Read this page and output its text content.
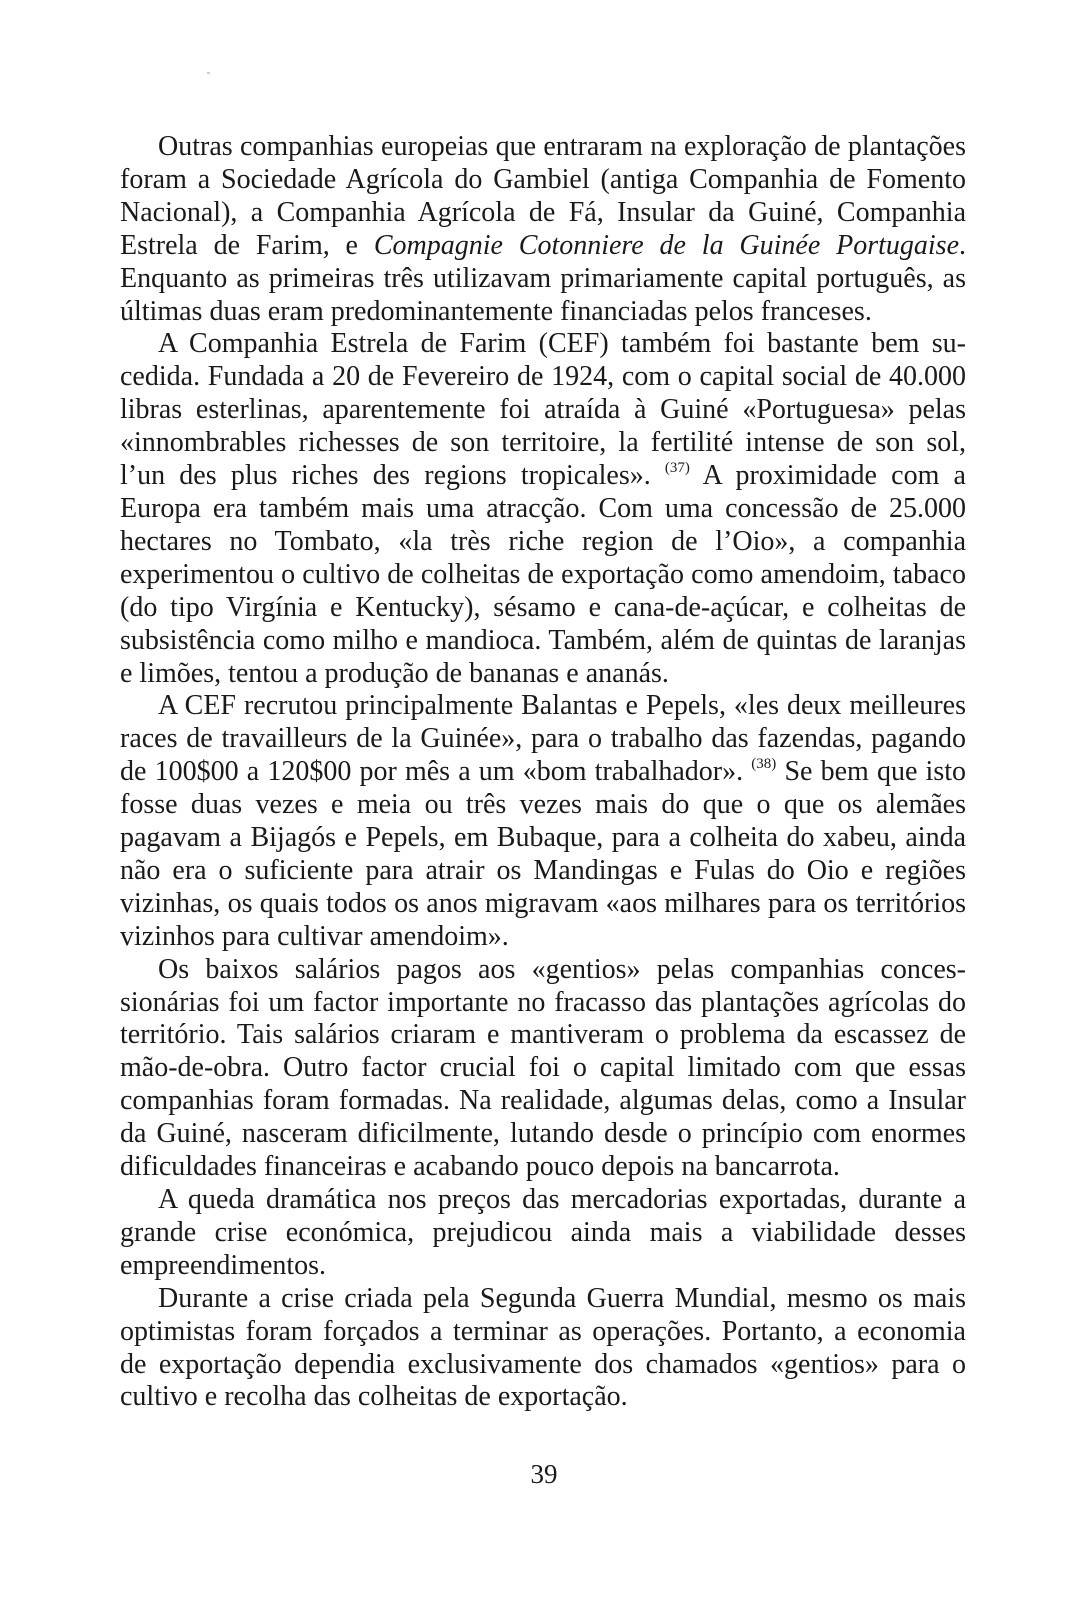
Outras companhias europeias que entraram na exploração de plantações foram a Sociedade Agrícola do Gambiel (antiga Companhia de Fomento Nacional), a Companhia Agrícola de Fá, Insular da Guiné, Companhia Estrela de Farim, e Compagnie Cotonniere de la Guinée Portugaise. Enquanto as primeiras três utilizavam primariamente capital português, as últimas duas eram predominantemente financiadas pelos franceses.

A Companhia Estrela de Farim (CEF) também foi bastante bem sucedida. Fundada a 20 de Fevereiro de 1924, com o capital social de 40.000 libras esterlinas, aparentemente foi atraída à Guiné «Portuguesa» pelas «innombrables richesses de son territoire, la fertilité intense de son sol, l’un des plus riches des regions tropicales». $^{(37)}$ A proximidade com a Europa era também mais uma atracção. Com uma concessão de 25.000 hectares no Tombato, «la très riche region de l’Oio», a companhia experimentou o cultivo de colheitas de exportação como amendoim, tabaco (do tipo Virgínia e Kentucky), sésamo e cana-de-açúcar, e colheitas de subsistência como milho e mandioca. Também, além de quintas de laranjas e limões, tentou a produção de bananas e ananás.

A CEF recrutou principalmente Balantas e Pepels, «les deux meilleures races de travailleurs de la Guinée», para o trabalho das fazendas, pagando de 100$00 a 120$00 por mês a um «bom trabalhador». $^{(38)}$ Se bem que isto fosse duas vezes e meia ou três vezes mais do que o que os alemães pagavam a Bijagós e Pepels, em Bubaque, para a colheita do xabeu, ainda não era o suficiente para atrair os Mandingas e Fulas do Oio e regiões vizinhas, os quais todos os anos migravam «aos milhares para os territórios vizinhos para cultivar amendoim».

Os baixos salários pagos aos «gentios» pelas companhias concessionárias foi um factor importante no fracasso das plantações agrícolas do território. Tais salários criaram e mantiveram o problema da escassez de mão-de-obra. Outro factor crucial foi o capital limitado com que essas companhias foram formadas. Na realidade, algumas delas, como a Insular da Guiné, nasceram dificilmente, lutando desde o princípio com enormes dificuldades financeiras e acabando pouco depois na bancarrota.

A queda dramática nos preços das mercadorias exportadas, durante a grande crise económica, prejudicou ainda mais a viabilidade desses empreendimentos.

Durante a crise criada pela Segunda Guerra Mundial, mesmo os mais optimistas foram forçados a terminar as operações. Portanto, a economia de exportação dependia exclusivamente dos chamados «gentios» para o cultivo e recolha das colheitas de exportação.

39
